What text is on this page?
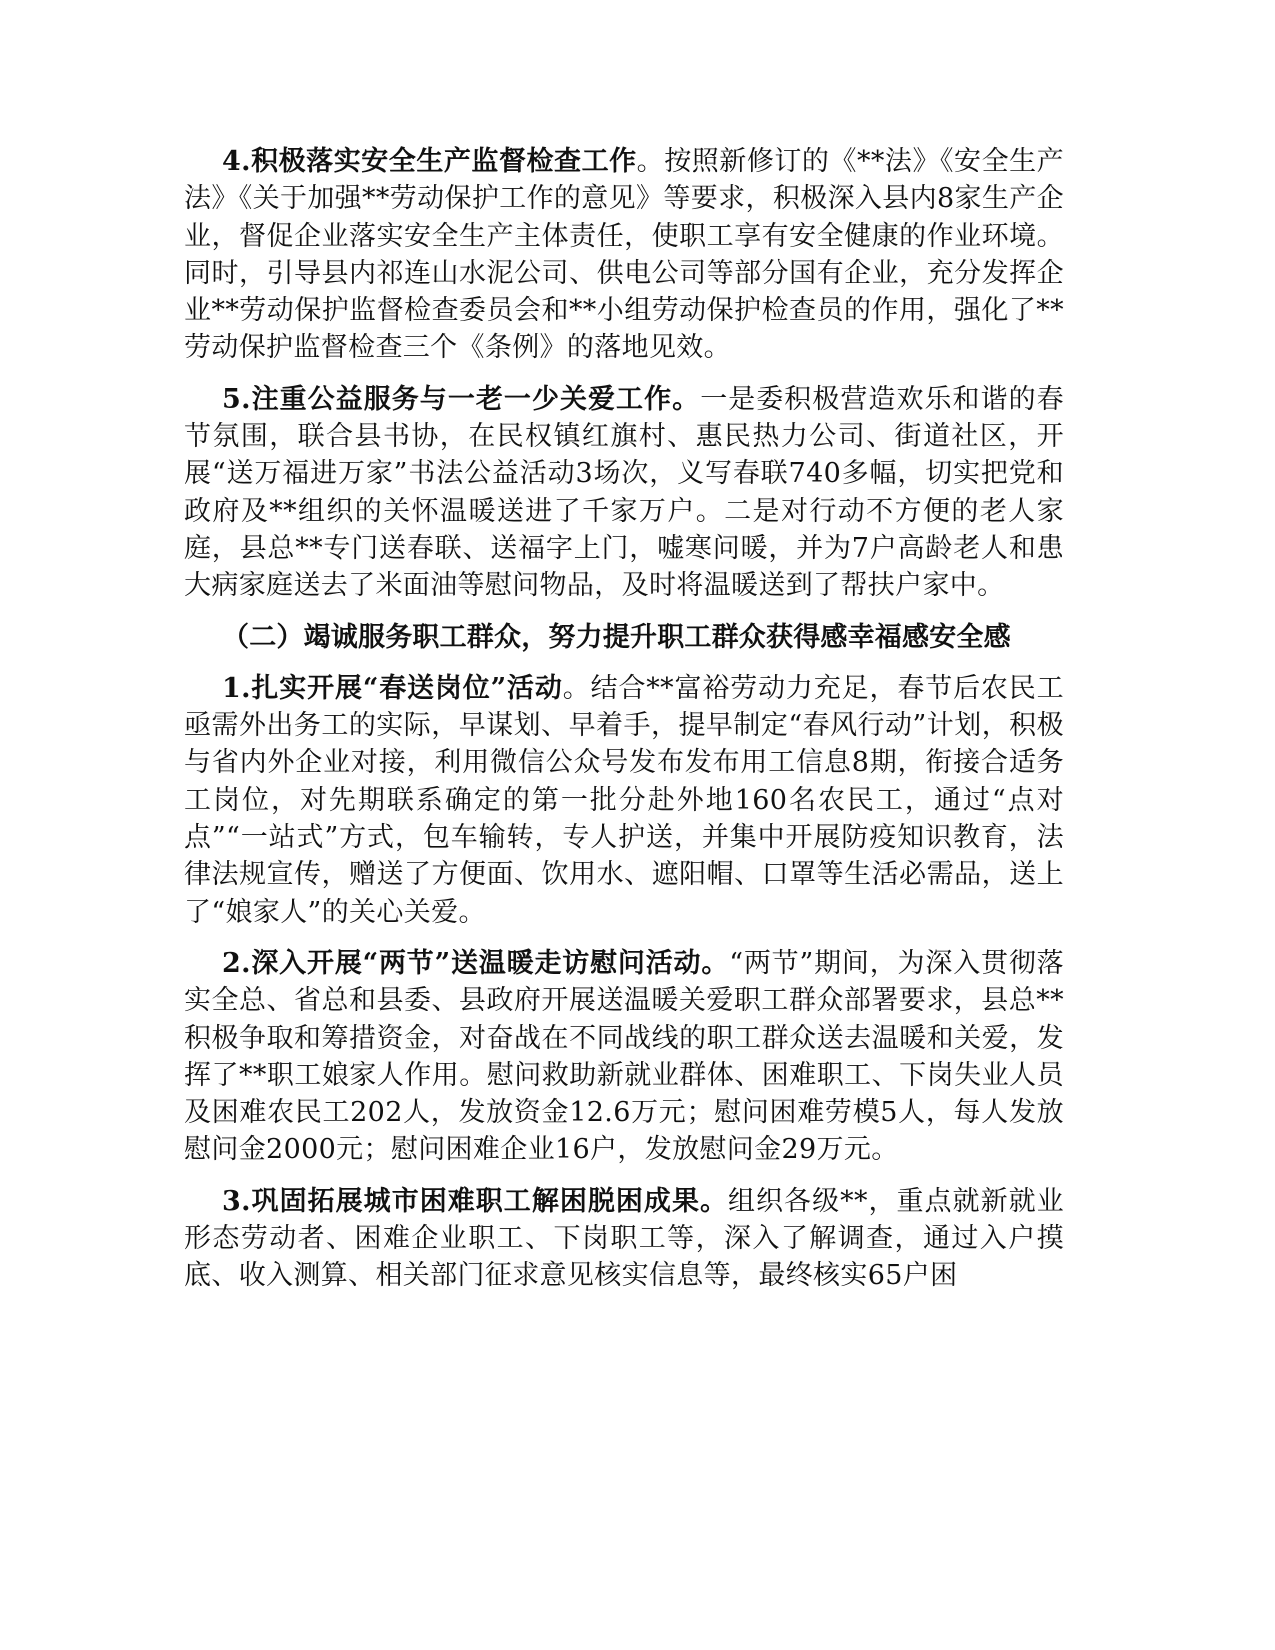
4.积极落实安全生产监督检查工作。按照新修订的《**法》《安全生产法》《关于加强**劳动保护工作的意见》等要求，积极深入县内8家生产企业，督促企业落实安全生产主体责任，使职工享有安全健康的作业环境。同时，引导县内祁连山水泥公司、供电公司等部分国有企业，充分发挥企业**劳动保护监督检查委员会和**小组劳动保护检查员的作用，强化了**劳动保护监督检查三个《条例》的落地见效。

5.注重公益服务与一老一少关爱工作。一是委积极营造欢乐和谐的春节氛围，联合县书协，在民权镇红旗村、惠民热力公司、街道社区，开展“送万福进万家”书法公益活动3场次，义写春联740多幅，切实把党和政府及**组织的关怀温暖送进了千家万户。二是对行动不方便的老人家庭，县总**专门送春联、送福字上门，嘘寒问暖，并为7户高龄老人和患大病家庭送去了米面油等慰问物品，及时将温暖送到了帮扶户家中。

（二）竭诚服务职工群众，努力提升职工群众获得感幸福感安全感

1.扎实开展“春送岗位”活动。结合**富裕劳动力充足，春节后农民工亟需外出务工的实际，早谋划、早着手，提早制定“春风行动”计划，积极与省内外企业对接，利用微信公众号发布发布用工信息8期，衔接合适务工岗位，对先期联系确定的第一批分赴外地160名农民工，通过“点对点”“一站式”方式，包车输转，专人护送，并集中开展防疫知识教育，法律法规宣传，赠送了方便面、饮用水、遮阳帽、口罩等生活必需品，送上了“娘家人”的关心关爱。

2.深入开展“两节”送温暖走访慰问活动。“两节”期间，为深入贯彻落实全总、省总和县委、县政府开展送温暖关爱职工群众部署要求，县总**积极争取和筹措资金，对奋战在不同战线的职工群众送去温暖和关爱，发挥了**职工娘家人作用。慰问救助新就业群体、困难职工、下岗失业人员及困难农民工202人，发放资金12.6万元；慰问困难劳模5人，每人发放慰问金2000元；慰问困难企业16户，发放慰问金29万元。

3.巩固拓展城市困难职工解困脱困成果。组织各级**，重点就新就业形态劳动者、困难企业职工、下岗职工等，深入了解调查，通过入户摸底、收入测算、相关部门征求意见核实信息等，最终核实65户困
